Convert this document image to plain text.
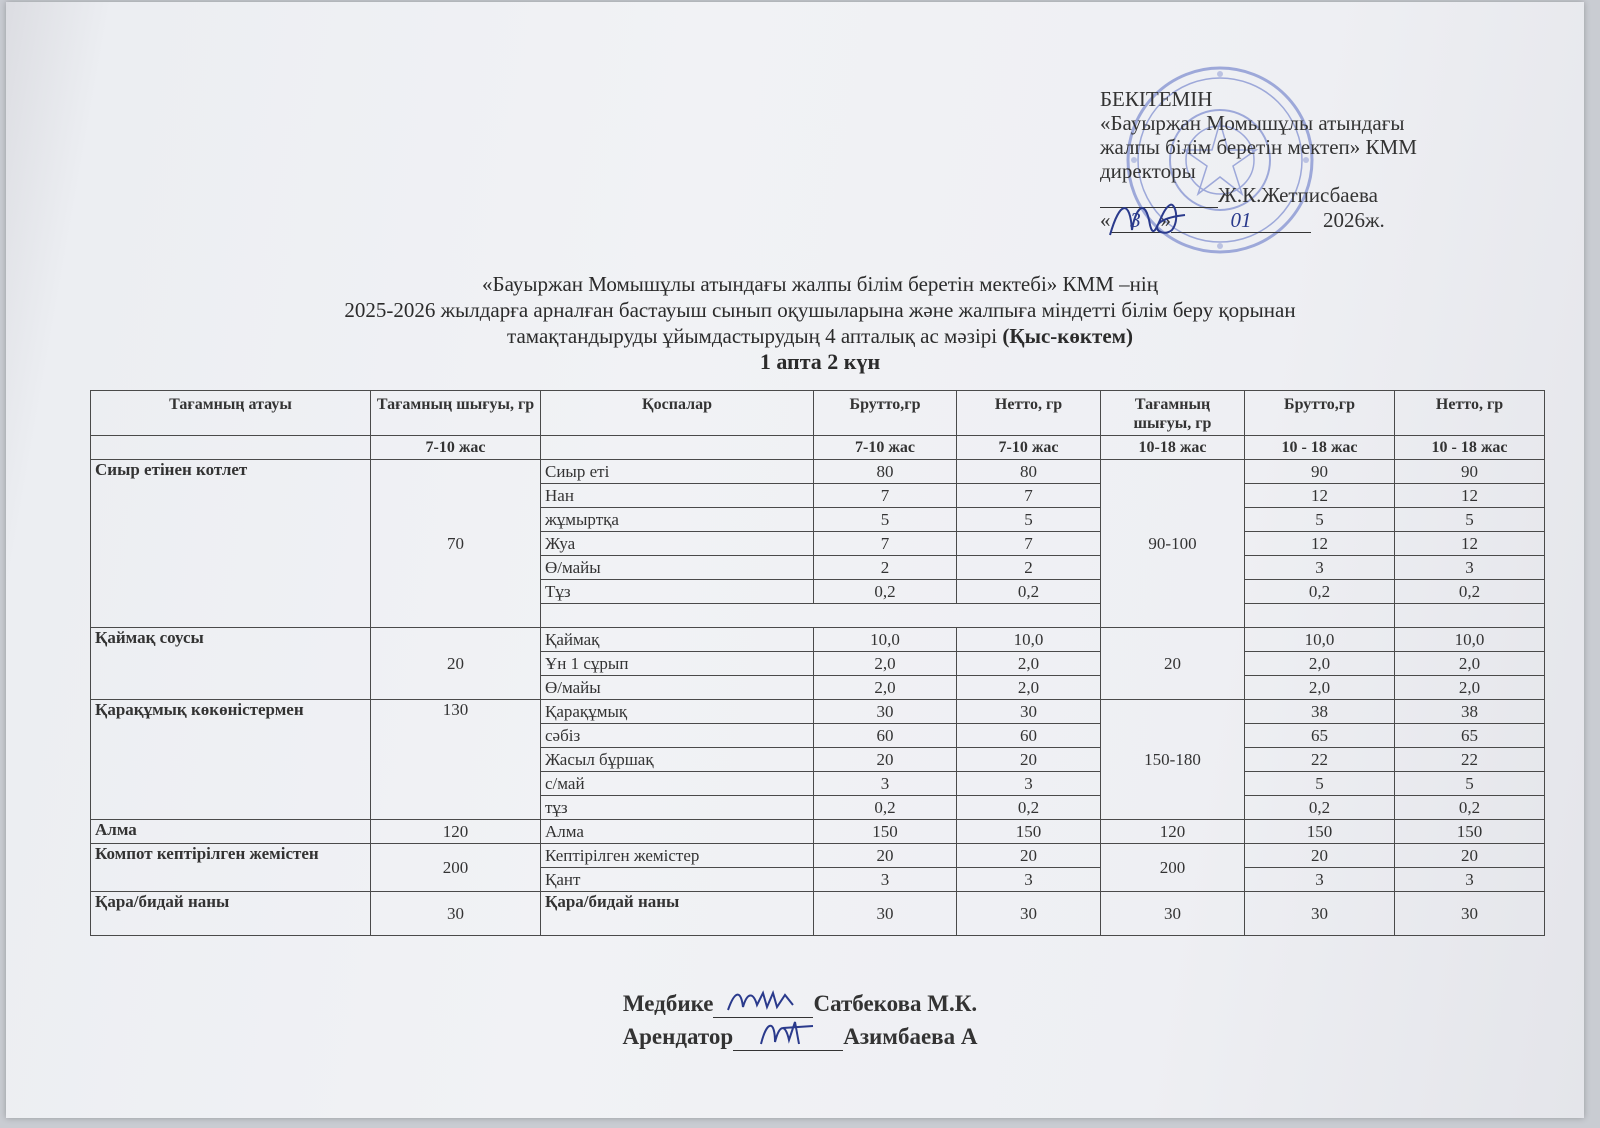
БЕКІТЕМІН
«Бауыржан Момышұлы атындағы
жалпы білім беретін мектеп» КММ
директоры
Ж.К.Жетписбаева
« 3 »	01	2026ж.
«Бауыржан Момышұлы атындағы жалпы білім беретін мектебі» КММ –нің
2025-2026 жылдарға арналған бастауыш сынып оқушыларына және жалпыға міндетті білім беру қорынан
тамақтандыруды ұйымдастырудың 4 апталық ас мәзірі (Қыс-көктем)
1 апта 2 күн
Тағамның атауы	Тағамның шығуы, гр	Қоспалар	Брутто,гр	Нетто, гр	Тағамның шығуы, гр	Брутто,гр	Нетто, гр
	7-10 жас		7-10 жас	7-10 жас	10-18 жас	10 - 18 жас	10 - 18 жас
Сиыр етінен котлет	70	Сиыр еті	80	80	90-100	90	90
		Нан	7	7		12	12
		жұмыртқа	5	5		5	5
		Жуа	7	7		12	12
		Ө/майы	2	2		3	3
		Тұз	0,2	0,2		0,2	0,2

Қаймақ соусы	20	Қаймақ	10,0	10,0	20	10,0	10,0
		Ұн 1 сұрып	2,0	2,0		2,0	2,0
		Ө/майы	2,0	2,0		2,0	2,0
Қарақұмық көкөністермен	130	Қарақұмық	30	30	150-180	38	38
		сәбіз	60	60		65	65
		Жасыл бұршақ	20	20		22	22
		с/май	3	3		5	5
		тұз	0,2	0,2		0,2	0,2
Алма	120	Алма	150	150	120	150	150
Компот кептірілген жемістен	200	Кептірілген жемістер	20	20	200	20	20
		Қант	3	3		3	3
Қара/бидай наны	30	Қара/бидай наны	30	30	30	30	30
Медбике	Сатбекова М.К.
Арендатор	Азимбаева А
